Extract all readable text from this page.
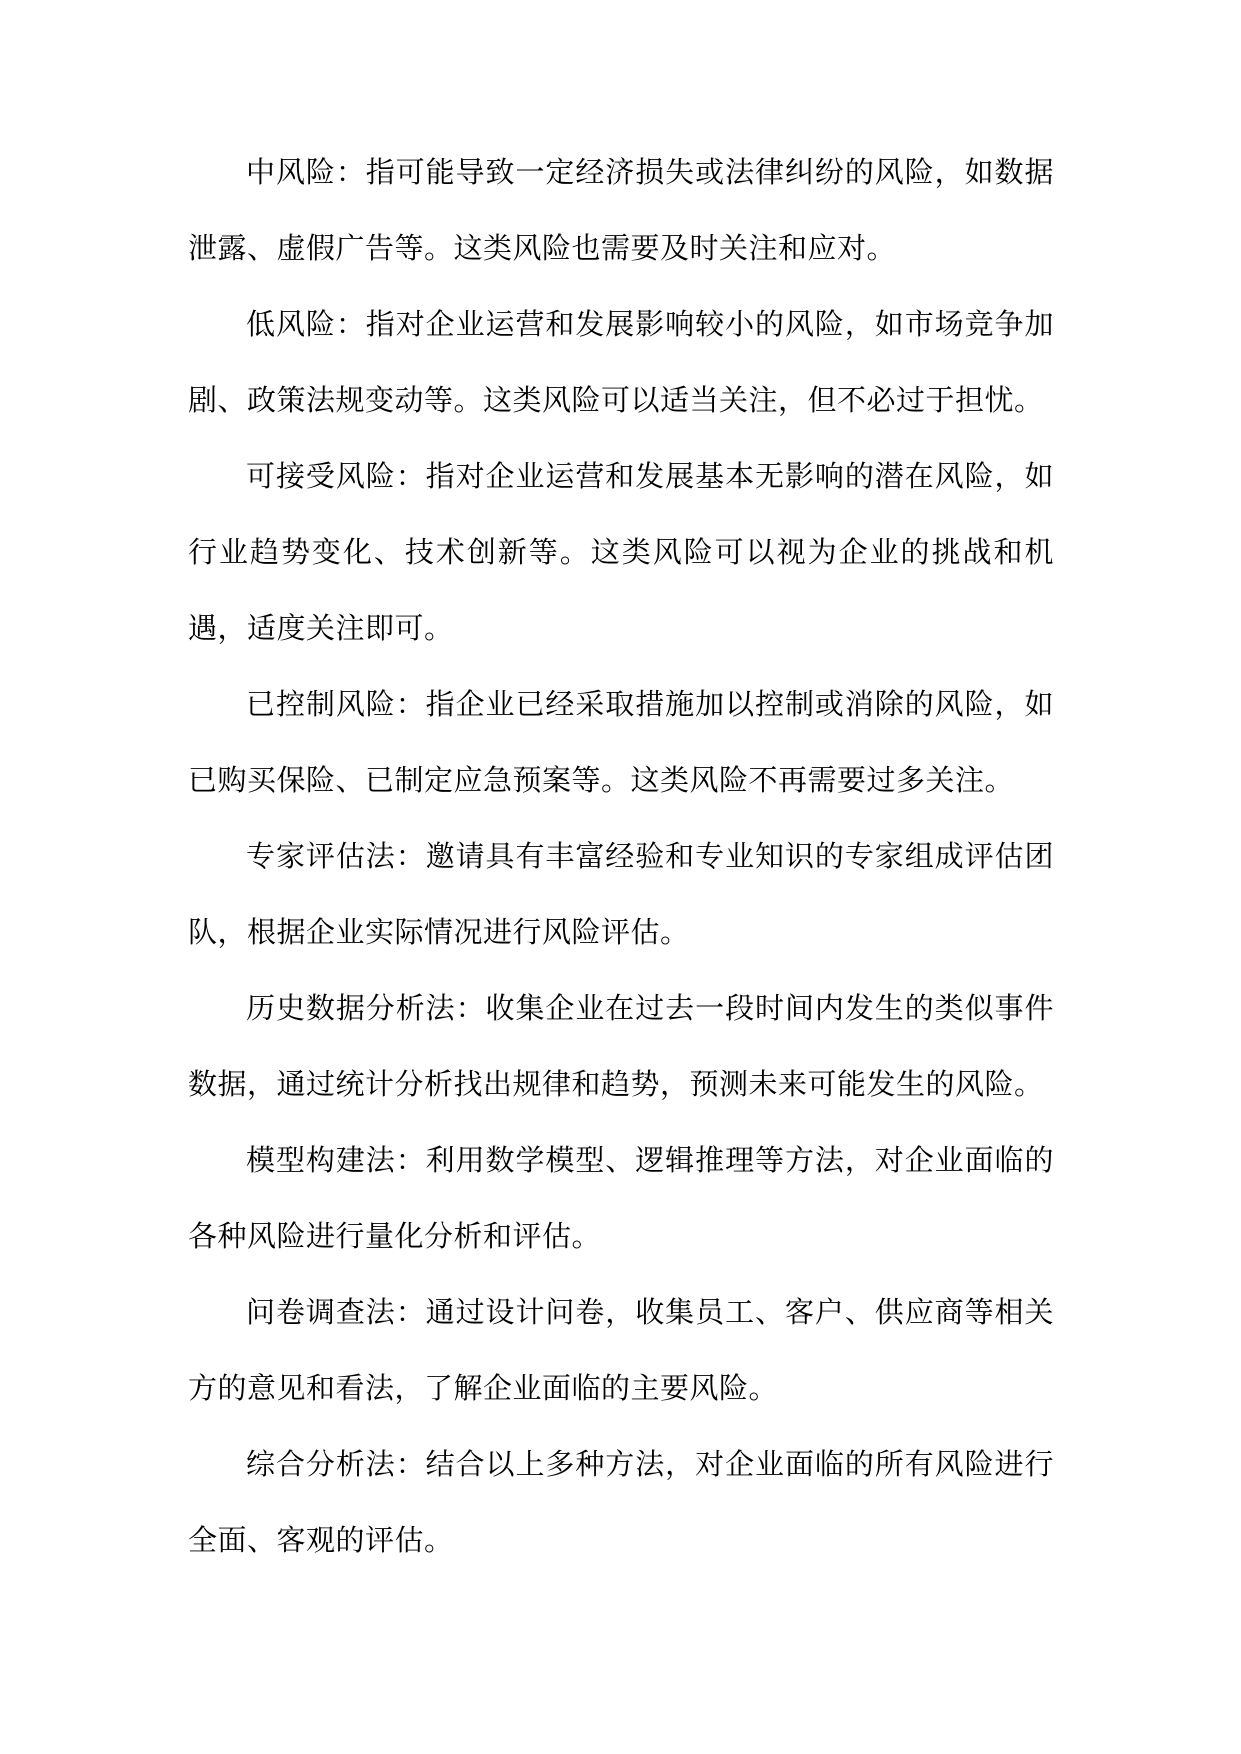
中风险：指可能导致一定经济损失或法律纠纷的风险，如数据泄露、虚假广告等。这类风险也需要及时关注和应对。

低风险：指对企业运营和发展影响较小的风险，如市场竞争加剧、政策法规变动等。这类风险可以适当关注，但不必过于担忧。

可接受风险：指对企业运营和发展基本无影响的潜在风险，如行业趋势变化、技术创新等。这类风险可以视为企业的挑战和机遇，适度关注即可。

已控制风险：指企业已经采取措施加以控制或消除的风险，如已购买保险、已制定应急预案等。这类风险不再需要过多关注。

专家评估法：邀请具有丰富经验和专业知识的专家组成评估团队，根据企业实际情况进行风险评估。

历史数据分析法：收集企业在过去一段时间内发生的类似事件数据，通过统计分析找出规律和趋势，预测未来可能发生的风险。

模型构建法：利用数学模型、逻辑推理等方法，对企业面临的各种风险进行量化分析和评估。

问卷调查法：通过设计问卷，收集员工、客户、供应商等相关方的意见和看法，了解企业面临的主要风险。

综合分析法：结合以上多种方法，对企业面临的所有风险进行全面、客观的评估。
